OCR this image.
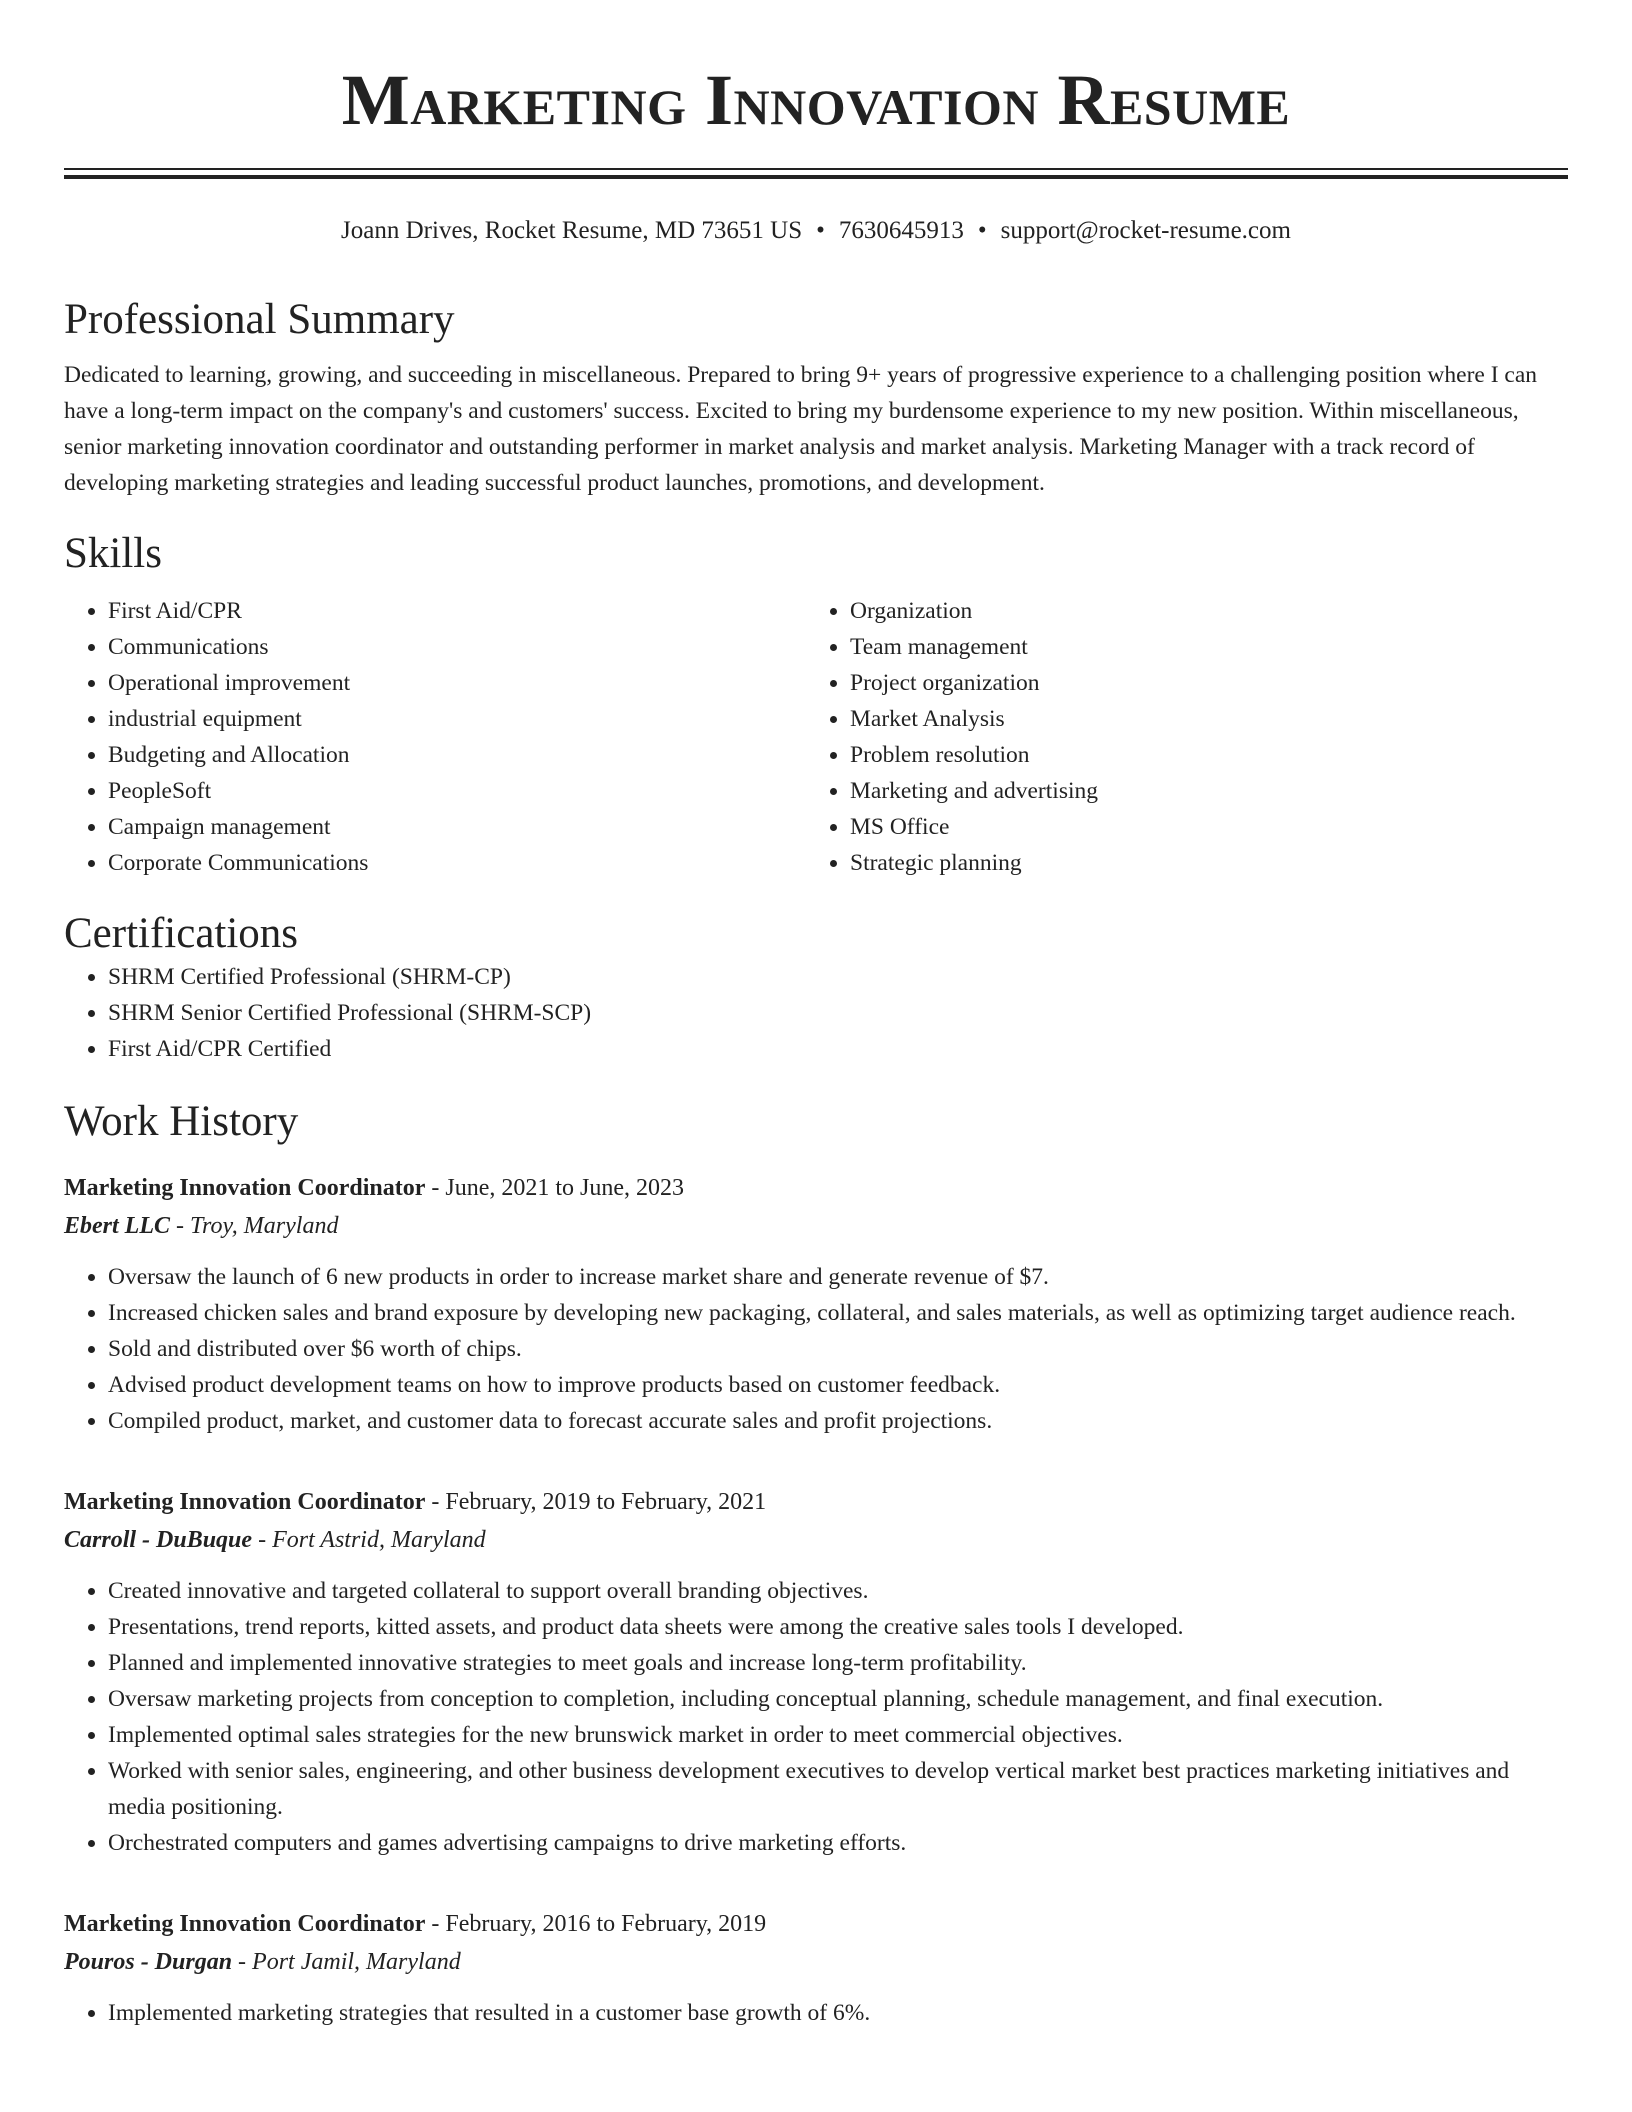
Marketing Innovation Resume
Joann Drives, Rocket Resume, MD 73651 US • 7630645913 • support@rocket-resume.com
Professional Summary

Dedicated to learning, growing, and succeeding in miscellaneous. Prepared to bring 9+ years of progressive experience to a challenging position where I can have a long-term impact on the company's and customers' success. Excited to bring my burdensome experience to my new position. Within miscellaneous, senior marketing innovation coordinator and outstanding performer in market analysis and market analysis. Marketing Manager with a track record of developing marketing strategies and leading successful product launches, promotions, and development.

Skills
• First Aid/CPR
• Communications
• Operational improvement
• industrial equipment
• Budgeting and Allocation
• PeopleSoft
• Campaign management
• Corporate Communications
• Organization
• Team management
• Project organization
• Market Analysis
• Problem resolution
• Marketing and advertising
• MS Office
• Strategic planning
Certifications
• SHRM Certified Professional (SHRM-CP)
• SHRM Senior Certified Professional (SHRM-SCP)
• First Aid/CPR Certified
Work History
Marketing Innovation Coordinator - June, 2021 to June, 2023
Ebert LLC - Troy, Maryland
• Oversaw the launch of 6 new products in order to increase market share and generate revenue of $7.
• Increased chicken sales and brand exposure by developing new packaging, collateral, and sales materials, as well as optimizing target audience reach.
• Sold and distributed over $6 worth of chips.
• Advised product development teams on how to improve products based on customer feedback.
• Compiled product, market, and customer data to forecast accurate sales and profit projections.
Marketing Innovation Coordinator - February, 2019 to February, 2021
Carroll - DuBuque - Fort Astrid, Maryland
• Created innovative and targeted collateral to support overall branding objectives.
• Presentations, trend reports, kitted assets, and product data sheets were among the creative sales tools I developed.
• Planned and implemented innovative strategies to meet goals and increase long-term profitability.
• Oversaw marketing projects from conception to completion, including conceptual planning, schedule management, and final execution.
• Implemented optimal sales strategies for the new brunswick market in order to meet commercial objectives.
• Worked with senior sales, engineering, and other business development executives to develop vertical market best practices marketing initiatives and media positioning.
• Orchestrated computers and games advertising campaigns to drive marketing efforts.
Marketing Innovation Coordinator - February, 2016 to February, 2019
Pouros - Durgan - Port Jamil, Maryland
• Implemented marketing strategies that resulted in a customer base growth of 6%.
